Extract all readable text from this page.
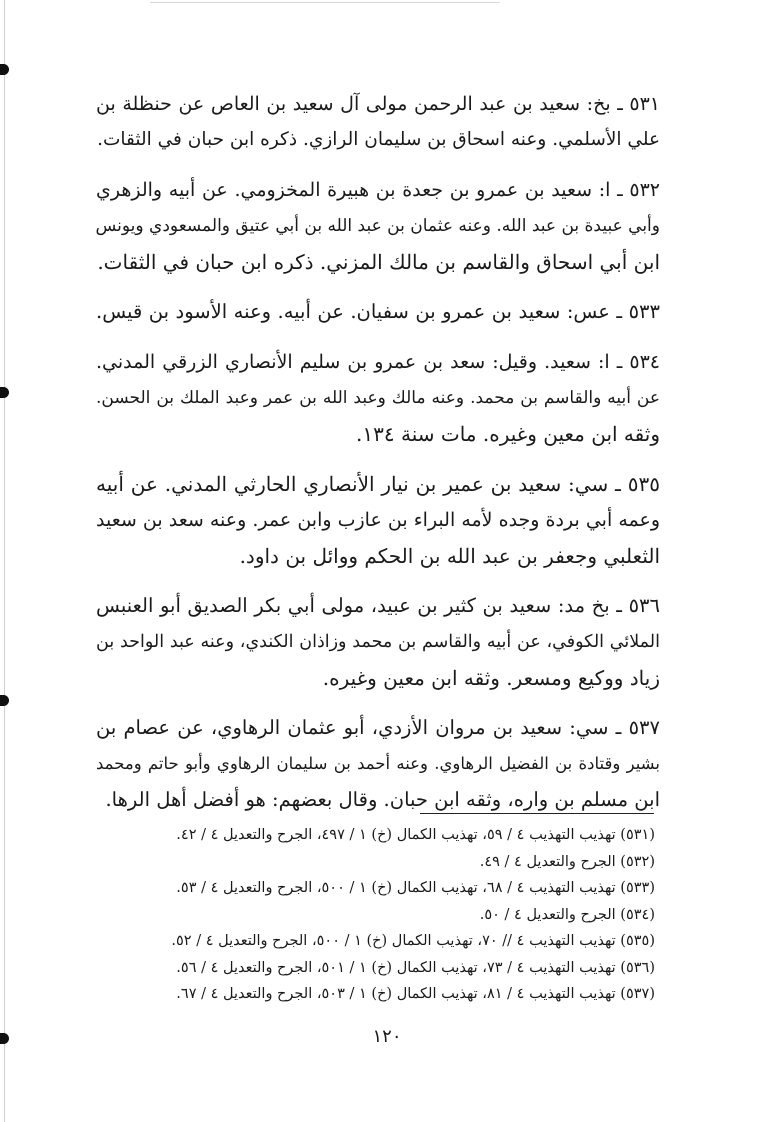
٥٣١ ـ بخ: سعيد بن عبد الرحمن مولى آل سعيد بن العاص عن حنظلة بن
علي الأسلمي. وعنه اسحاق بن سليمان الرازي. ذكره ابن حبان في الثقات.
٥٣٢ ـ ا: سعيد بن عمرو بن جعدة بن هبيرة المخزومي. عن أبيه والزهري
وأبي عبيدة بن عبد الله. وعنه عثمان بن عبد الله بن أبي عتيق والمسعودي ويونس
ابن أبي اسحاق والقاسم بن مالك المزني. ذكره ابن حبان في الثقات.
٥٣٣ ـ عس: سعيد بن عمرو بن سفيان. عن أبيه. وعنه الأسود بن قيس.
٥٣٤ ـ ا: سعيد. وقيل: سعد بن عمرو بن سليم الأنصاري الزرقي المدني.
عن أبيه والقاسم بن محمد. وعنه مالك وعبد الله بن عمر وعبد الملك بن الحسن.
وثقه ابن معين وغيره. مات سنة ١٣٤.
٥٣٥ ـ سي: سعيد بن عمير بن نيار الأنصاري الحارثي المدني. عن أبيه
وعمه أبي بردة وجده لأمه البراء بن عازب وابن عمر. وعنه سعد بن سعيد
الثعلبي وجعفر بن عبد الله بن الحكم ووائل بن داود.
٥٣٦ ـ بخ مد: سعيد بن كثير بن عبيد، مولى أبي بكر الصديق أبو العنبس
الملائي الكوفي، عن أبيه والقاسم بن محمد وزاذان الكندي، وعنه عبد الواحد بن
زياد ووكيع ومسعر. وثقه ابن معين وغيره.
٥٣٧ ـ سي: سعيد بن مروان الأزدي، أبو عثمان الرهاوي، عن عصام بن
بشير وقتادة بن الفضيل الرهاوي. وعنه أحمد بن سليمان الرهاوي وأبو حاتم ومحمد
ابن مسلم بن واره، وثقه ابن حبان. وقال بعضهم: هو أفضل أهل الرها.
(٥٣١) تهذيب التهذيب ٤ / ٥٩، تهذيب الكمال (خ) ١ / ٤٩٧، الجرح والتعديل ٤ / ٤٢.
(٥٣٢) الجرح والتعديل ٤ / ٤٩.
(٥٣٣) تهذيب التهذيب ٤ / ٦٨، تهذيب الكمال (خ) ١ / ٥٠٠، الجرح والتعديل ٤ / ٥٣.
(٥٣٤) الجرح والتعديل ٤ / ٥٠.
(٥٣٥) تهذيب التهذيب ٤ // ٧٠، تهذيب الكمال (خ) ١ / ٥٠٠، الجرح والتعديل ٤ / ٥٢.
(٥٣٦) تهذيب التهذيب ٤ / ٧٣، تهذيب الكمال (خ) ١ / ٥٠١، الجرح والتعديل ٤ / ٥٦.
(٥٣٧) تهذيب التهذيب ٤ / ٨١، تهذيب الكمال (خ) ١ / ٥٠٣، الجرح والتعديل ٤ / ٦٧.
١٢٠
